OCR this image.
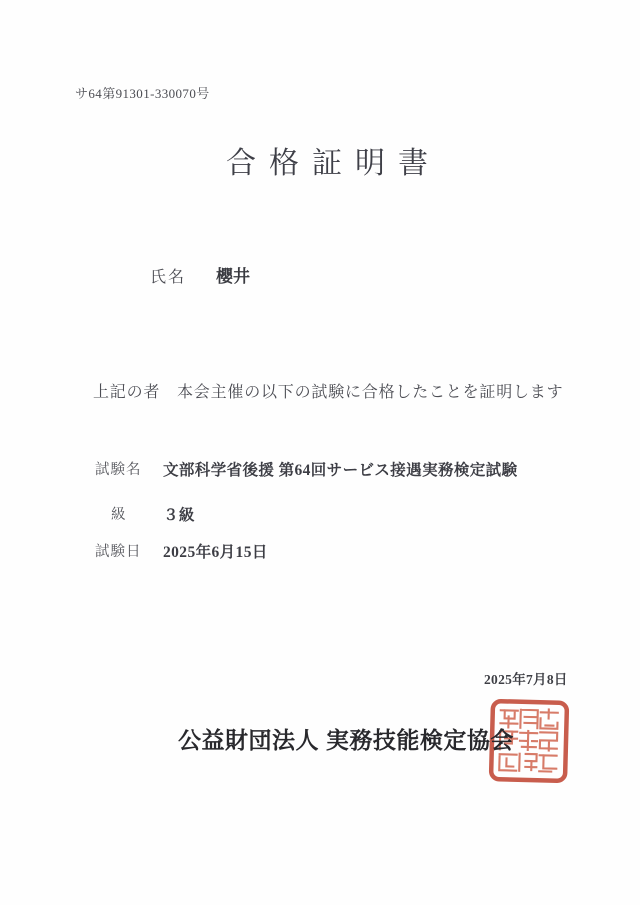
サ64第91301-330070号
合格証明書
氏名 櫻井

上記の者　本会主催の以下の試験に合格したことを証明します

試験名 文部科学省後援 第64回サービス接遇実務検定試験
級 ３級
試験日 2025年6月15日
2025年7月8日
公益財団法人 実務技能検定協会
